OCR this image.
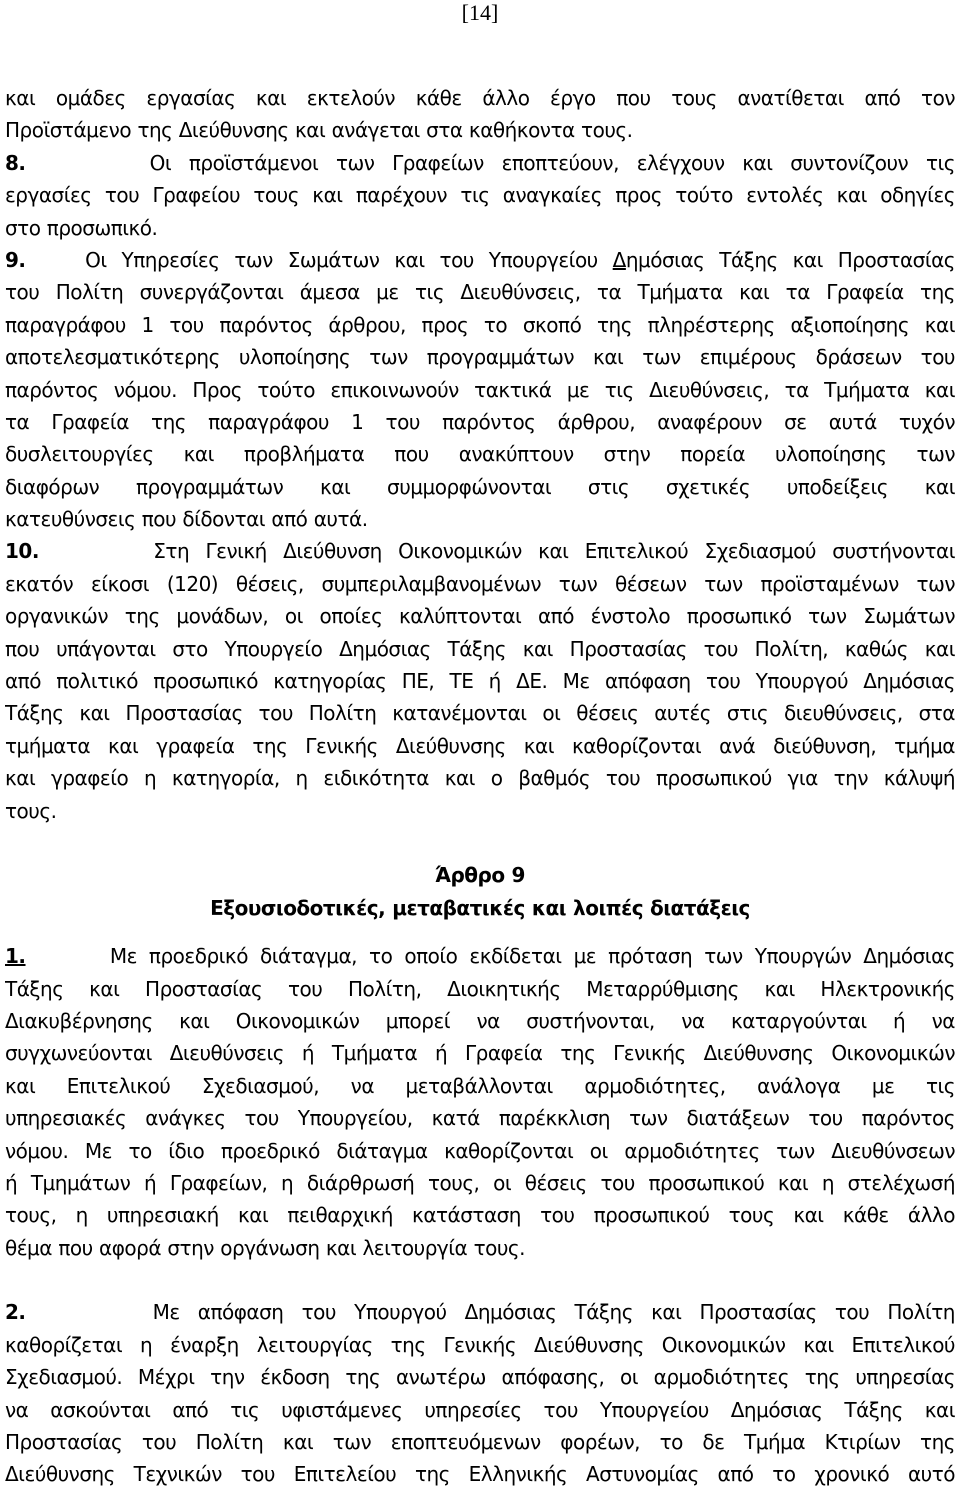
[14]
και ομάδες εργασίας και εκτελούν κάθε άλλο έργο που τους ανατίθεται από τον
Προϊστάμενο της Διεύθυνσης και ανάγεται στα καθήκοντα τους.
8.	Οι προϊστάμενοι των Γραφείων εποπτεύουν, ελέγχουν και συντονίζουν τις
εργασίες του Γραφείου τους και παρέχουν τις αναγκαίες προς τούτο εντολές και οδηγίες
στο προσωπικό.
9.	Οι Υπηρεσίες των Σωμάτων και του Υπουργείου Δημόσιας Τάξης και Προστασίας
του Πολίτη συνεργάζονται άμεσα με τις Διευθύνσεις, τα Τμήματα και τα Γραφεία της
παραγράφου 1 του παρόντος άρθρου, προς το σκοπό της πληρέστερης αξιοποίησης και
αποτελεσματικότερης υλοποίησης των προγραμμάτων και των επιμέρους δράσεων του
παρόντος νόμου. Προς τούτο επικοινωνούν τακτικά με τις Διευθύνσεις, τα Τμήματα και
τα Γραφεία της παραγράφου 1 του παρόντος άρθρου, αναφέρουν σε αυτά τυχόν
δυσλειτουργίες και προβλήματα που ανακύπτουν στην πορεία υλοποίησης των
διαφόρων προγραμμάτων και συμμορφώνονται στις σχετικές υποδείξεις και
κατευθύνσεις που δίδονται από αυτά.
10.	Στη Γενική Διεύθυνση Οικονομικών και Επιτελικού Σχεδιασμού συστήνονται
εκατόν είκοσι (120) θέσεις, συμπεριλαμβανομένων των θέσεων των προϊσταμένων των
οργανικών της μονάδων, οι οποίες καλύπτονται από ένστολο προσωπικό των Σωμάτων
που υπάγονται στο Υπουργείο Δημόσιας Τάξης και Προστασίας του Πολίτη, καθώς και
από πολιτικό προσωπικό κατηγορίας ΠΕ, ΤΕ ή ΔΕ. Με απόφαση του Υπουργού Δημόσιας
Τάξης και Προστασίας του Πολίτη κατανέμονται οι θέσεις αυτές στις διευθύνσεις, στα
τμήματα και γραφεία της Γενικής Διεύθυνσης και καθορίζονται ανά διεύθυνση, τμήμα
και γραφείο η κατηγορία, η ειδικότητα και ο βαθμός του προσωπικού για την κάλυψή
τους.
Άρθρο 9
Εξουσιοδοτικές, μεταβατικές και λοιπές διατάξεις
1.	Με προεδρικό διάταγμα, το οποίο εκδίδεται με πρόταση των Υπουργών Δημόσιας
Τάξης και Προστασίας του Πολίτη, Διοικητικής Μεταρρύθμισης και Ηλεκτρονικής
Διακυβέρνησης και Οικονομικών μπορεί να συστήνονται, να καταργούνται ή να
συγχωνεύονται Διευθύνσεις ή Τμήματα ή Γραφεία της Γενικής Διεύθυνσης Οικονομικών
και Επιτελικού Σχεδιασμού, να μεταβάλλονται αρμοδιότητες, ανάλογα με τις
υπηρεσιακές ανάγκες του Υπουργείου, κατά παρέκκλιση των διατάξεων του παρόντος
νόμου. Με το ίδιο προεδρικό διάταγμα καθορίζονται οι αρμοδιότητες των Διευθύνσεων
ή Τμημάτων ή Γραφείων, η διάρθρωσή τους, οι θέσεις του προσωπικού και η στελέχωσή
τους, η υπηρεσιακή και πειθαρχική κατάσταση του προσωπικού τους και κάθε άλλο
θέμα που αφορά στην οργάνωση και λειτουργία τους.
2.	Με απόφαση του Υπουργού Δημόσιας Τάξης και Προστασίας του Πολίτη
καθορίζεται η έναρξη λειτουργίας της Γενικής Διεύθυνσης Οικονομικών και Επιτελικού
Σχεδιασμού. Μέχρι την έκδοση της ανωτέρω απόφασης, οι αρμοδιότητες της υπηρεσίας
να ασκούνται από τις υφιστάμενες υπηρεσίες του Υπουργείου Δημόσιας Τάξης και
Προστασίας του Πολίτη και των εποπτευόμενων φορέων, το δε Τμήμα Κτιρίων της
Διεύθυνσης Τεχνικών του Επιτελείου της Ελληνικής Αστυνομίας από το χρονικό αυτό
